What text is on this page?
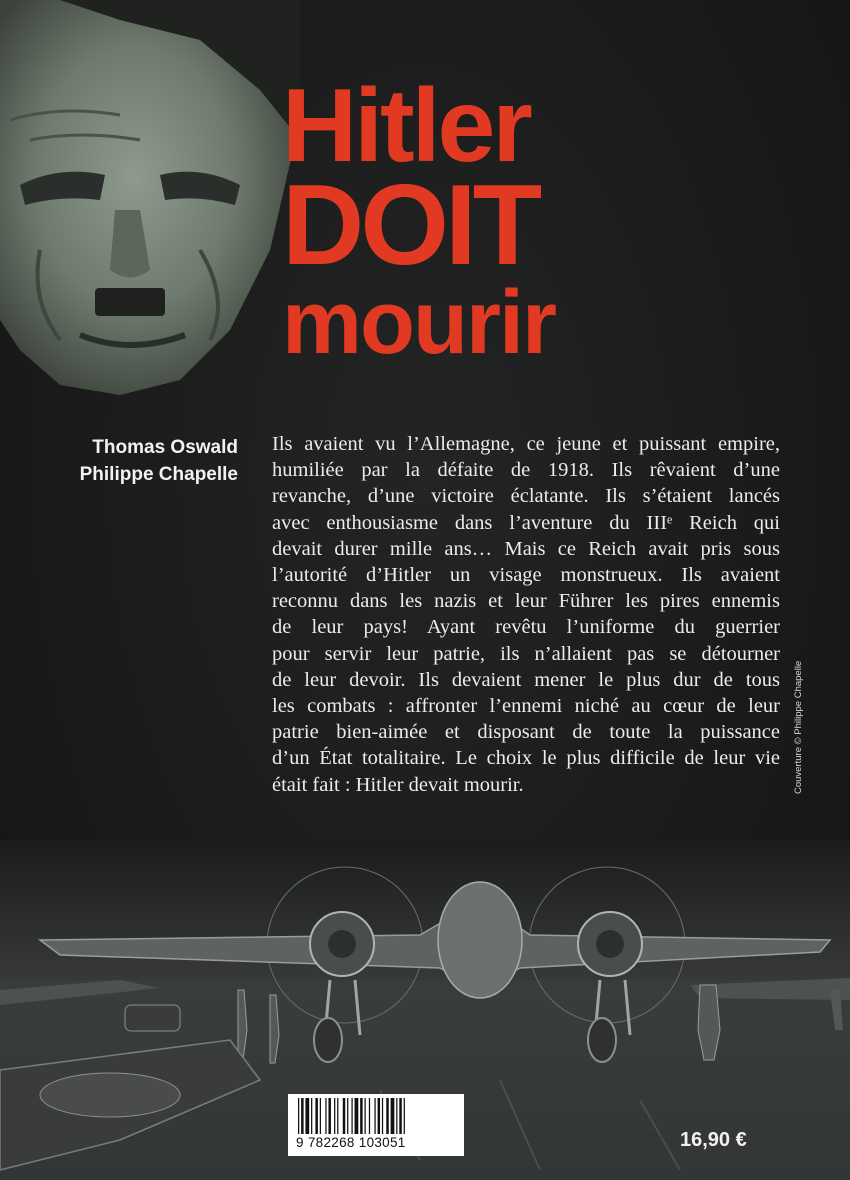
Hitler
DOIT
mourir
Thomas Oswald
Philippe Chapelle
Ils avaient vu l’Allemagne, ce jeune et puissant empire,
humiliée par la défaite de 1918. Ils rêvaient d’une
revanche, d’une victoire éclatante. Ils s’étaient lancés
avec enthousiasme dans l’aventure du IIIᵉ Reich qui
devait durer mille ans… Mais ce Reich avait pris sous
l’autorité d’Hitler un visage monstrueux. Ils avaient
reconnu dans les nazis et leur Führer les pires ennemis
de leur pays! Ayant revêtu l’uniforme du guerrier
pour servir leur patrie, ils n’allaient pas se détourner
de leur devoir. Ils devaient mener le plus dur de tous
les combats : affronter l’ennemi niché au cœur de leur
patrie bien-aimée et disposant de toute la puissance
d’un État totalitaire. Le choix le plus difficile de leur vie
était fait : Hitler devait mourir.	Couverture © Philippe Chapelle
9 782268 103051	16,90 €
